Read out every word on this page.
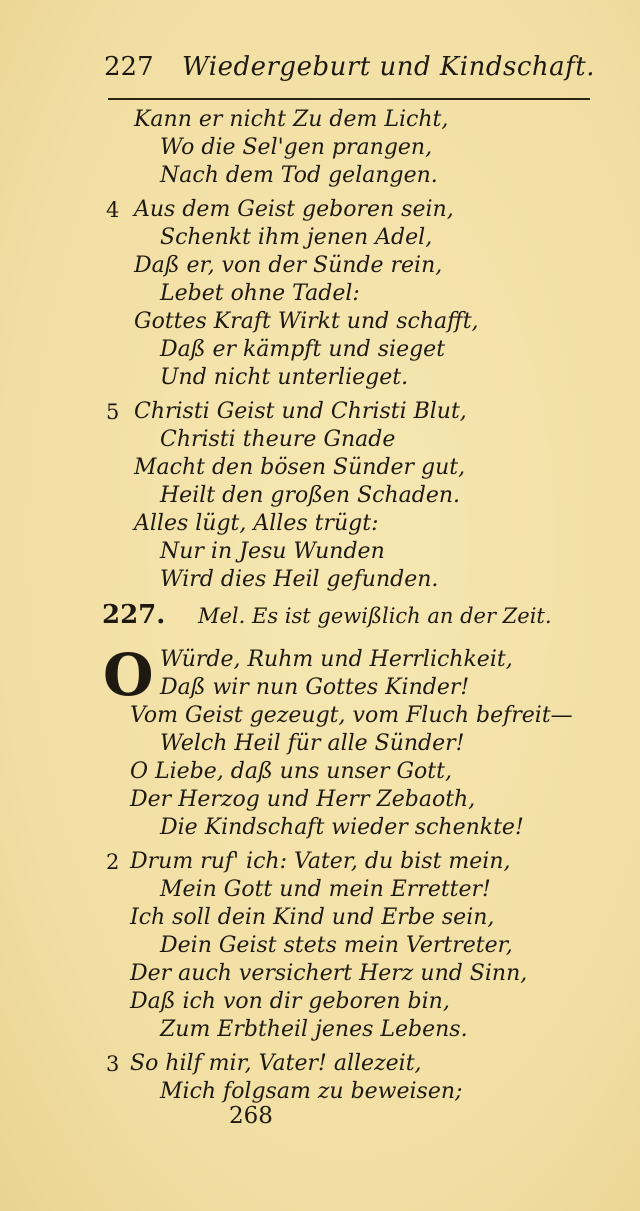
227 Wiedergeburt und Kindschaft.
Kann er nicht Zu dem Licht,
Wo die Sel'gen prangen,
Nach dem Tod gelangen.
4 Aus dem Geist geboren sein,
Schenkt ihm jenen Adel,
Daß er, von der Sünde rein,
Lebet ohne Tadel:
Gottes Kraft Wirkt und schafft,
Daß er kämpft und sieget
Und nicht unterlieget.
5 Christi Geist und Christi Blut,
Christi theure Gnade
Macht den bösen Sünder gut,
Heilt den großen Schaden.
Alles lügt, Alles trügt:
Nur in Jesu Wunden
Wird dies Heil gefunden.
227. Mel. Es ist gewißlich an der Zeit.
O Würde, Ruhm und Herrlichkeit,
Daß wir nun Gottes Kinder!
Vom Geist gezeugt, vom Fluch befreit—
Welch Heil für alle Sünder!
O Liebe, daß uns unser Gott,
Der Herzog und Herr Zebaoth,
Die Kindschaft wieder schenkte!
2 Drum ruf' ich: Vater, du bist mein,
Mein Gott und mein Erretter!
Ich soll dein Kind und Erbe sein,
Dein Geist stets mein Vertreter,
Der auch versichert Herz und Sinn,
Daß ich von dir geboren bin,
Zum Erbtheil jenes Lebens.
3 So hilf mir, Vater! allezeit,
Mich folgsam zu beweisen;
268
